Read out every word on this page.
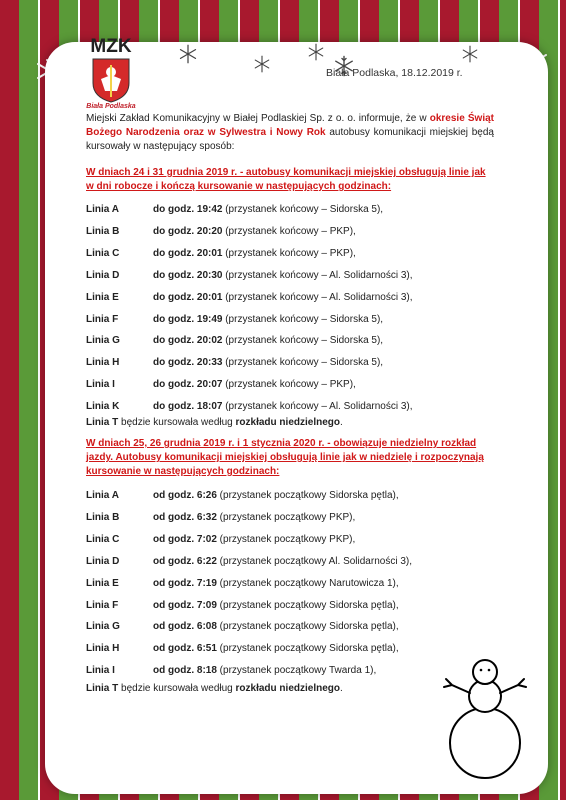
MZK
Biała Podlaska
Biała Podlaska, 18.12.2019 r.
Miejski Zakład Komunikacyjny w Białej Podlaskiej Sp. z o. o. informuje, że w okresie Świąt Bożego Narodzenia oraz w Sylwestra i Nowy Rok autobusy komunikacji miejskiej będą kursowały w następujący sposób:
W dniach 24 i 31 grudnia 2019 r. - autobusy komunikacji miejskiej obsługują linie jak w dni robocze i kończą kursowanie w następujących godzinach:
Linia A	do godz. 19:42 (przystanek końcowy – Sidorska 5),
Linia B	do godz. 20:20 (przystanek końcowy – PKP),
Linia C	do godz. 20:01 (przystanek końcowy – PKP),
Linia D	do godz. 20:30 (przystanek końcowy – Al. Solidarności 3),
Linia E	do godz. 20:01 (przystanek końcowy – Al. Solidarności 3),
Linia F	do godz. 19:49 (przystanek końcowy – Sidorska 5),
Linia G	do godz. 20:02 (przystanek końcowy – Sidorska 5),
Linia H	do godz. 20:33 (przystanek końcowy – Sidorska 5),
Linia I	do godz. 20:07 (przystanek końcowy – PKP),
Linia K	do godz. 18:07 (przystanek końcowy – Al. Solidarności 3),
Linia T będzie kursowała według rozkładu niedzielnego.
W dniach 25, 26 grudnia 2019 r. i 1 stycznia 2020 r. - obowiązuje niedzielny rozkład jazdy. Autobusy komunikacji miejskiej obsługują linie jak w niedzielę i rozpoczynają kursowanie w następujących godzinach:
Linia A	od godz. 6:26 (przystanek początkowy Sidorska pętla),
Linia B	od godz. 6:32 (przystanek początkowy PKP),
Linia C	od godz. 7:02 (przystanek początkowy PKP),
Linia D	od godz. 6:22 (przystanek początkowy Al. Solidarności 3),
Linia E	od godz. 7:19 (przystanek początkowy Narutowicza 1),
Linia F	od godz. 7:09 (przystanek początkowy Sidorska pętla),
Linia G	od godz. 6:08 (przystanek początkowy Sidorska pętla),
Linia H	od godz. 6:51 (przystanek początkowy Sidorska pętla),
Linia I	od godz. 8:18 (przystanek początkowy Twarda 1),
Linia T będzie kursowała według rozkładu niedzielnego.
